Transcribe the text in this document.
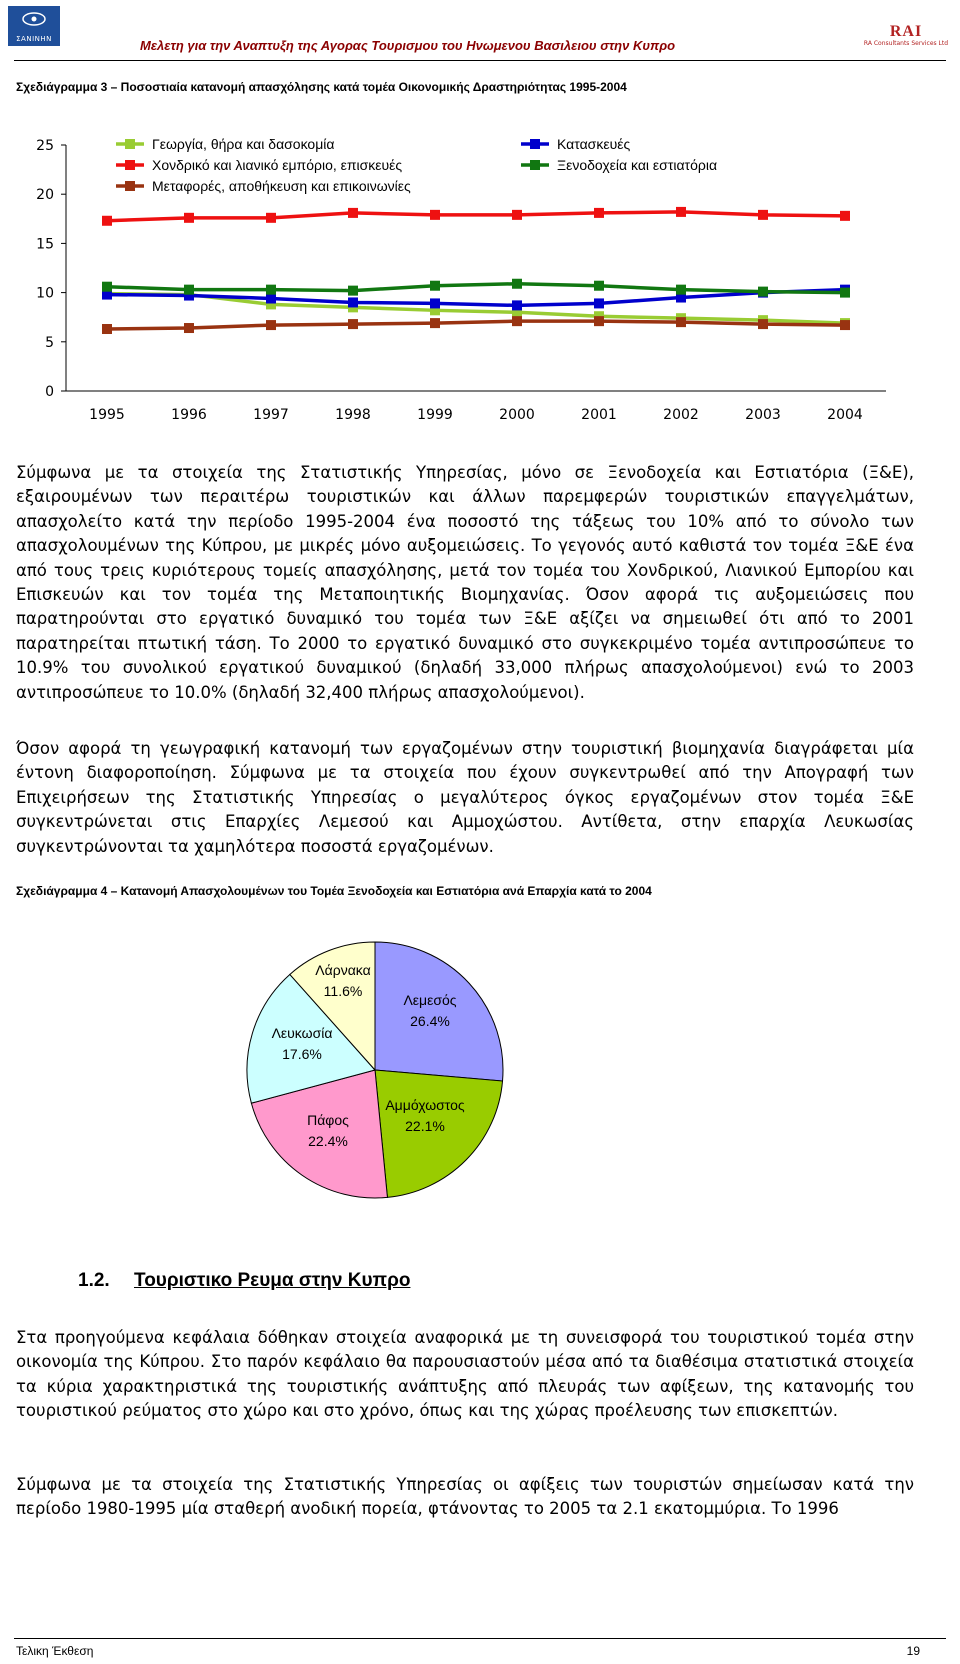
ΣΑΝΙΝΗΝ	Μελετη για την Αναπτυξη της Αγορας Τουρισμου του Ηνωμενου Βασιλειου στην Κυπρο
RAI
RA Consultants Services Ltd
Σχεδιάγραμμα 3 – Ποσοστιαία κατανομή απασχόλησης κατά τομέα Οικονομικής Δραστηριότητας 1995-2004
0
5
10
15
20
25
1995	1996	1997	1998	1999	2000	2001	2002	2003	2004
Γεωργία, θήρα και δασοκομία
Χονδρικό και λιανικό εμπόριο, επισκευές
Μεταφορές, αποθήκευση και επικοινωνίες
Κατασκευές
Ξενοδοχεία και εστιατόρια
Σύμφωνα με τα στοιχεία της Στατιστικής Υπηρεσίας, μόνο σε Ξενοδοχεία και Εστιατόρια (Ξ&Ε), εξαιρουμένων των περαιτέρω τουριστικών και άλλων παρεμφερών τουριστικών επαγγελμάτων, απασχολείτο κατά την περίοδο 1995-2004 ένα ποσοστό της τάξεως του 10% από το σύνολο των απασχολουμένων της Κύπρου, με μικρές μόνο αυξομειώσεις. Το γεγονός αυτό καθιστά τον τομέα Ξ&Ε ένα από τους τρεις κυριότερους τομείς απασχόλησης, μετά τον τομέα του Χονδρικού, Λιανικού Εμπορίου και Επισκευών και τον τομέα της Μεταποιητικής Βιομηχανίας. Όσον αφορά τις αυξομειώσεις που παρατηρούνται στο εργατικό δυναμικό του τομέα των Ξ&Ε αξίζει να σημειωθεί ότι από το 2001 παρατηρείται πτωτική τάση. Το 2000 το εργατικό δυναμικό στο συγκεκριμένο τομέα αντιπροσώπευε το 10.9% του συνολικού εργατικού δυναμικού (δηλαδή 33,000 πλήρως απασχολούμενοι) ενώ το 2003 αντιπροσώπευε το 10.0% (δηλαδή 32,400 πλήρως απασχολούμενοι).
Όσον αφορά τη γεωγραφική κατανομή των εργαζομένων στην τουριστική βιομηχανία διαγράφεται μία έντονη διαφοροποίηση. Σύμφωνα με τα στοιχεία που έχουν συγκεντρωθεί από την Απογραφή των Επιχειρήσεων της Στατιστικής Υπηρεσίας ο μεγαλύτερος όγκος εργαζομένων στον τομέα Ξ&Ε συγκεντρώνεται στις Επαρχίες Λεμεσού και Αμμοχώστου. Αντίθετα, στην επαρχία Λευκωσίας συγκεντρώνονται τα χαμηλότερα ποσοστά εργαζομένων.
Σχεδιάγραμμα 4 – Κατανομή Απασχολουμένων του Τομέα Ξενοδοχεία και Εστιατόρια ανά Επαρχία κατά το 2004
Λεμεσός
26.4%
Αμμόχωστος
22.1%
Πάφος
22.4%
Λευκωσία
17.6%
Λάρνακα
11.6%
1.2. Τουριστικο Ρευμα στην Κυπρο
Στα προηγούμενα κεφάλαια δόθηκαν στοιχεία αναφορικά με τη συνεισφορά του τουριστικού τομέα στην οικονομία της Κύπρου. Στο παρόν κεφάλαιο θα παρουσιαστούν μέσα από τα διαθέσιμα στατιστικά στοιχεία τα κύρια χαρακτηριστικά της τουριστικής ανάπτυξης από πλευράς των αφίξεων, της κατανομής του τουριστικού ρεύματος στο χώρο και στο χρόνο, όπως και της χώρας προέλευσης των επισκεπτών.
Σύμφωνα με τα στοιχεία της Στατιστικής Υπηρεσίας οι αφίξεις των τουριστών σημείωσαν κατά την περίοδο 1980-1995 μία σταθερή ανοδική πορεία, φτάνοντας το 2005 τα 2.1 εκατομμύρια. Το 1996
Τελικη Έκθεση	19
